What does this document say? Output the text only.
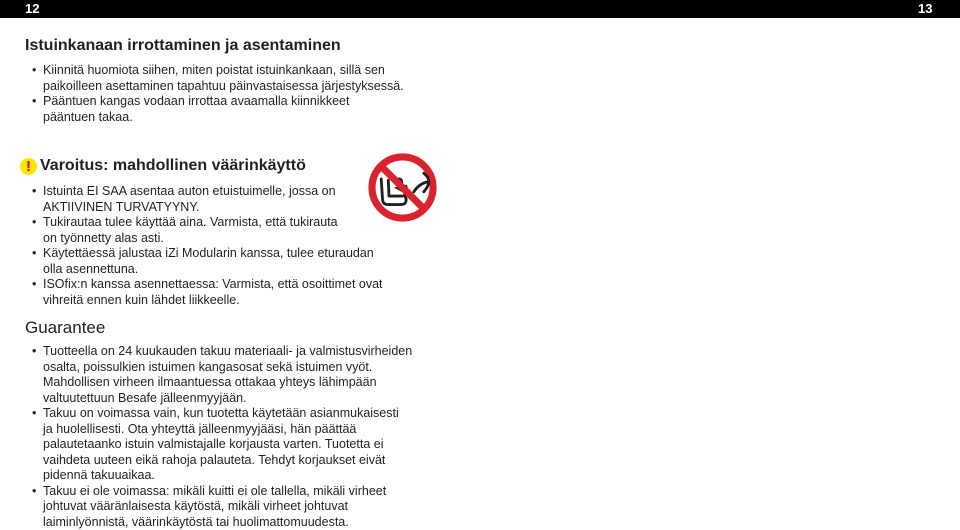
12	13
Istuinkanaan irrottaminen ja asentaminen
• Kiinnitä huomiota siihen, miten poistat istuinkankaan, sillä sen
paikoilleen asettaminen tapahtuu päinvastaisessa järjestyksessä.
• Pääntuen kangas vodaan irrottaa avaamalla kiinnikkeet
pääntuen takaa.
! Varoitus: mahdollinen väärinkäyttö
• Istuinta EI SAA asentaa auton etuistuimelle, jossa on
AKTIIVINEN TURVATYYNY.
• Tukirautaa tulee käyttää aina. Varmista, että tukirauta
on työnnetty alas asti.
• Käytettäessä jalustaa iZi Modularin kanssa, tulee eturaudan
olla asennettuna.
• ISOfix:n kanssa asennettaessa: Varmista, että osoittimet ovat
vihreitä ennen kuin lähdet liikkeelle.
Guarantee
• Tuotteella on 24 kuukauden takuu materiaali- ja valmistusvirheiden
osalta, poissulkien istuimen kangasosat sekä istuimen vyöt.
Mahdollisen virheen ilmaantuessa ottakaa yhteys lähimpään
valtuutettuun Besafe jälleenmyyjään.
• Takuu on voimassa vain, kun tuotetta käytetään asianmukaisesti
ja huolellisesti. Ota yhteyttä jälleenmyyjääsi, hän päättää
palautetaanko istuin valmistajalle korjausta varten. Tuotetta ei
vaihdeta uuteen eikä rahoja palauteta. Tehdyt korjaukset eivät
pidennä takuuaikaa.
• Takuu ei ole voimassa: mikäli kuitti ei ole tallella, mikäli virheet
johtuvat vääränlaisesta käytöstä, mikäli virheet johtuvat
laiminlyönnistä, väärinkäytöstä tai huolimattomuudesta.
